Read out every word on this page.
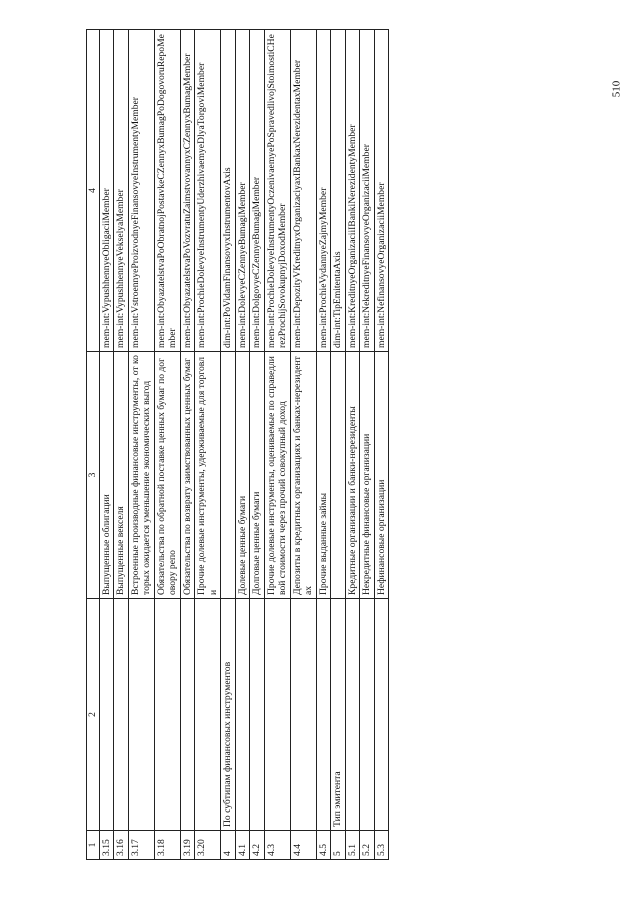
510
1	2	3	4
3.15		Выпущенные облигации	mem-int:VypushhennyeObligaciiMember
3.16		Выпущенные векселя	mem-int:VypushhennyeVekselyaMember
3.17		Встроенные производные финансовые инструменты, от которых ожидается уменьшение экономических выгод	mem-int:VstroennyeProizvodnyeFinansovyeInstrumentyMember
3.18		Обязательства по обратной поставке ценных бумаг по договору репо	mem-int:ObyazatelstvaPoObratnojPostavkeCZennyxBumagPoDogovoruRepoMember
3.19		Обязательства по возврату заимствованных ценных бумаг	mem-int:ObyazatelstvaPoVozvratuZaimstvovannyxCZennyxBumagMember
3.20		Прочие долевые инструменты, удерживаемые для торговли	mem-int:ProchieDolevyeInstrumentyUderzhivaemyeDlyaTorgoviMember
4	По субтипам финансовых инструментов		dim-int:PoVidamFinansovyxInstrumentovAxis
4.1		Долевые ценные бумаги	mem-int:DolevyeCZennyeBumagiMember
4.2		Долговые ценные бумаги	mem-int:DolgovyeCZennyeBumagiMember
4.3		Прочие долевые инструменты, оцениваемые по справедливой стоимости через прочий совокупный доход	mem-int:ProchieDolevyeInstrumentyOczenivaemyePoSpravedlivojStoimostiCHerezProchijSovokupnyjDoxodMember
4.4		Депозиты в кредитных организациях и банках-нерезидентах	mem-int:DepozityVKreditnyxOrganizaciyaxIBankaxNerezidentaxMember
4.5		Прочие выданные займы	mem-int:ProchieVydannyeZajmyMember
5	Тип эмитента		dim-int:TipEmitentaAxis
5.1		Кредитные организации и банки-нерезиденты	mem-int:KreditnyeOrganizaciiIBankiNerezidentyMember
5.2		Некредитные финансовые организации	mem-int:NekreditnyeFinansovyeOrganizaciiMember
5.3		Нефинансовые организации	mem-int:NefinansovyeOrganizaciiMember
